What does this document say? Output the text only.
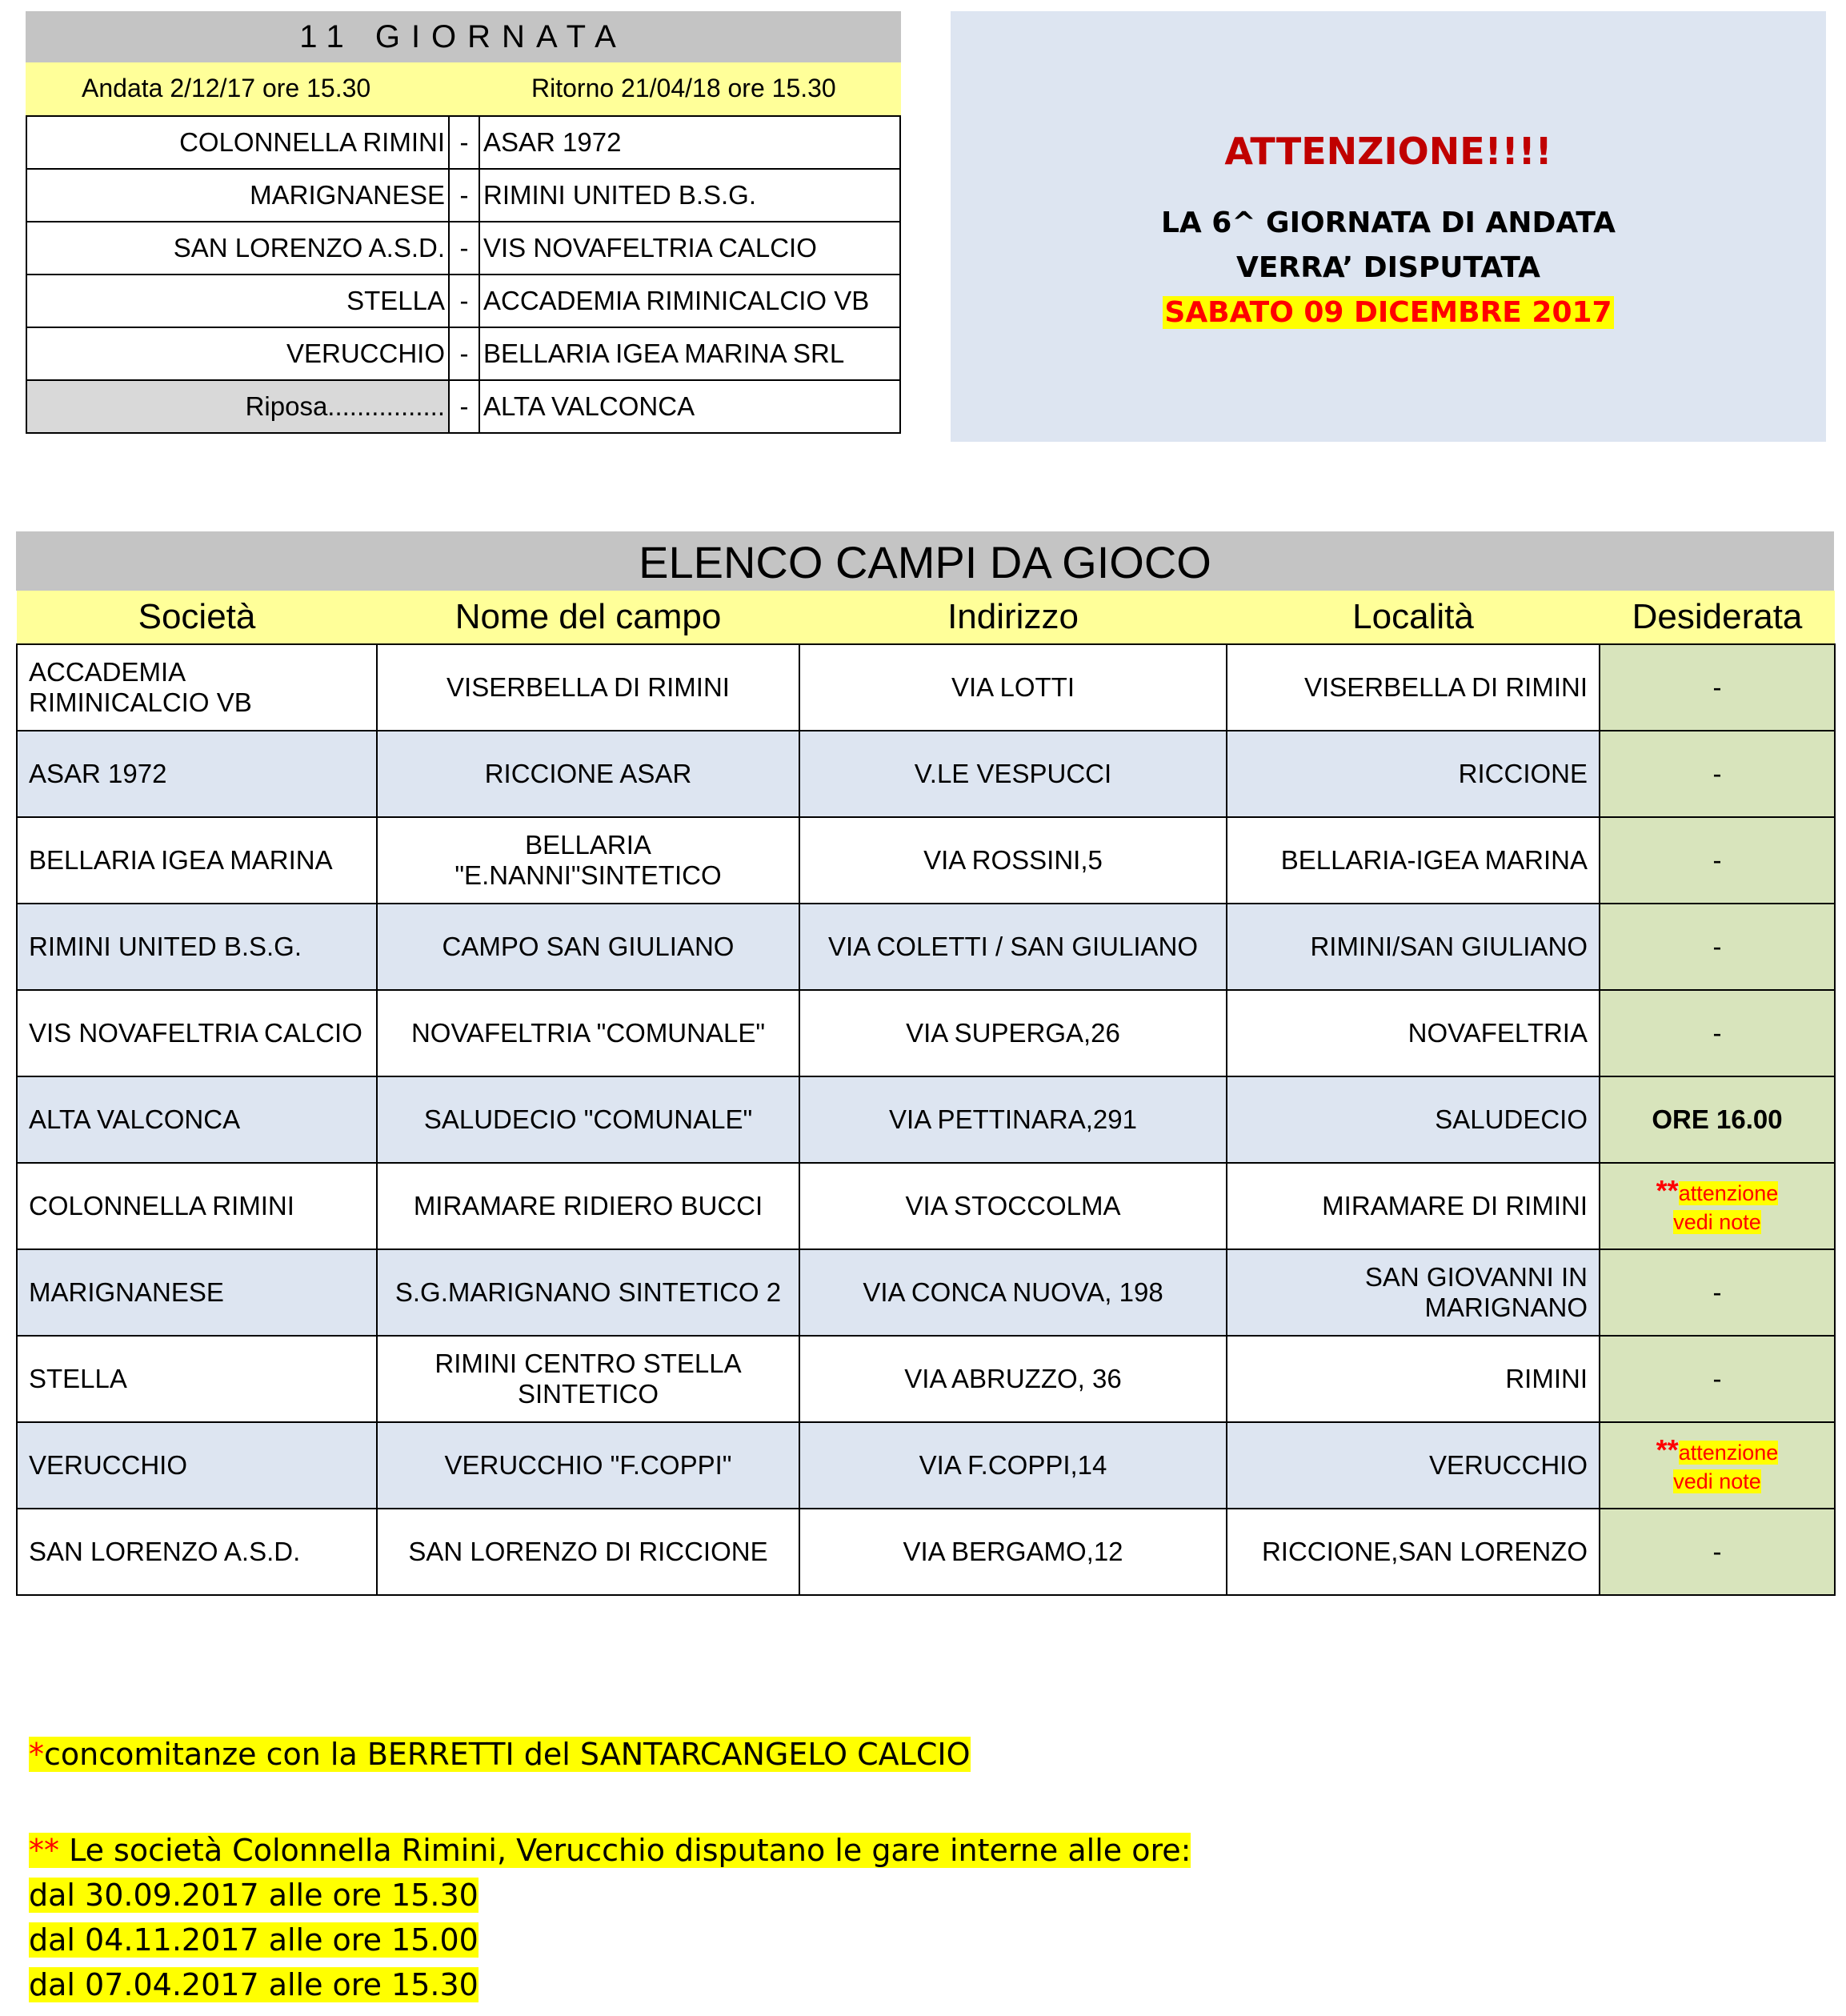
11 GIORNATA
Andata 2/12/17 ore 15.30	Ritorno 21/04/18 ore 15.30
COLONNELLA RIMINI	-	ASAR 1972
MARIGNANESE	-	RIMINI UNITED B.S.G.
SAN LORENZO A.S.D.	-	VIS NOVAFELTRIA CALCIO
STELLA	-	ACCADEMIA RIMINICALCIO VB
VERUCCHIO	-	BELLARIA IGEA MARINA SRL
Riposa................	-	ALTA VALCONCA
ATTENZIONE!!!!
LA 6^ GIORNATA DI ANDATA
VERRA’ DISPUTATA
SABATO 09 DICEMBRE 2017
ELENCO CAMPI DA GIOCO
Società	Nome del campo	Indirizzo	Località	Desiderata
ACCADEMIA RIMINICALCIO VB	VISERBELLA DI RIMINI	VIA LOTTI	VISERBELLA DI RIMINI	-
ASAR 1972	RICCIONE ASAR	V.LE VESPUCCI	RICCIONE	-
BELLARIA IGEA MARINA	BELLARIA "E.NANNI"SINTETICO	VIA ROSSINI,5	BELLARIA-IGEA MARINA	-
RIMINI UNITED B.S.G.	CAMPO SAN GIULIANO	VIA COLETTI / SAN GIULIANO	RIMINI/SAN GIULIANO	-
VIS NOVAFELTRIA CALCIO	NOVAFELTRIA "COMUNALE"	VIA SUPERGA,26	NOVAFELTRIA	-
ALTA VALCONCA	SALUDECIO "COMUNALE"	VIA PETTINARA,291	SALUDECIO	ORE 16.00
COLONNELLA RIMINI	MIRAMARE RIDIERO BUCCI	VIA STOCCOLMA	MIRAMARE DI RIMINI	**attenzione
vedi note

MARIGNANESE	S.G.MARIGNANO SINTETICO 2	VIA CONCA NUOVA, 198	SAN GIOVANNI IN MARIGNANO	-
STELLA	RIMINI CENTRO STELLA SINTETICO	VIA ABRUZZO, 36	RIMINI	-
VERUCCHIO	VERUCCHIO "F.COPPI"	VIA F.COPPI,14	VERUCCHIO	**attenzione
vedi note

SAN LORENZO A.S.D.	SAN LORENZO DI RICCIONE	VIA BERGAMO,12	RICCIONE,SAN LORENZO	-
*concomitanze con la BERRETTI del SANTARCANGELO CALCIO
** Le società Colonnella Rimini, Verucchio disputano le gare interne alle ore:
dal 30.09.2017 alle ore 15.30
dal 04.11.2017 alle ore 15.00
dal 07.04.2017 alle ore 15.30
